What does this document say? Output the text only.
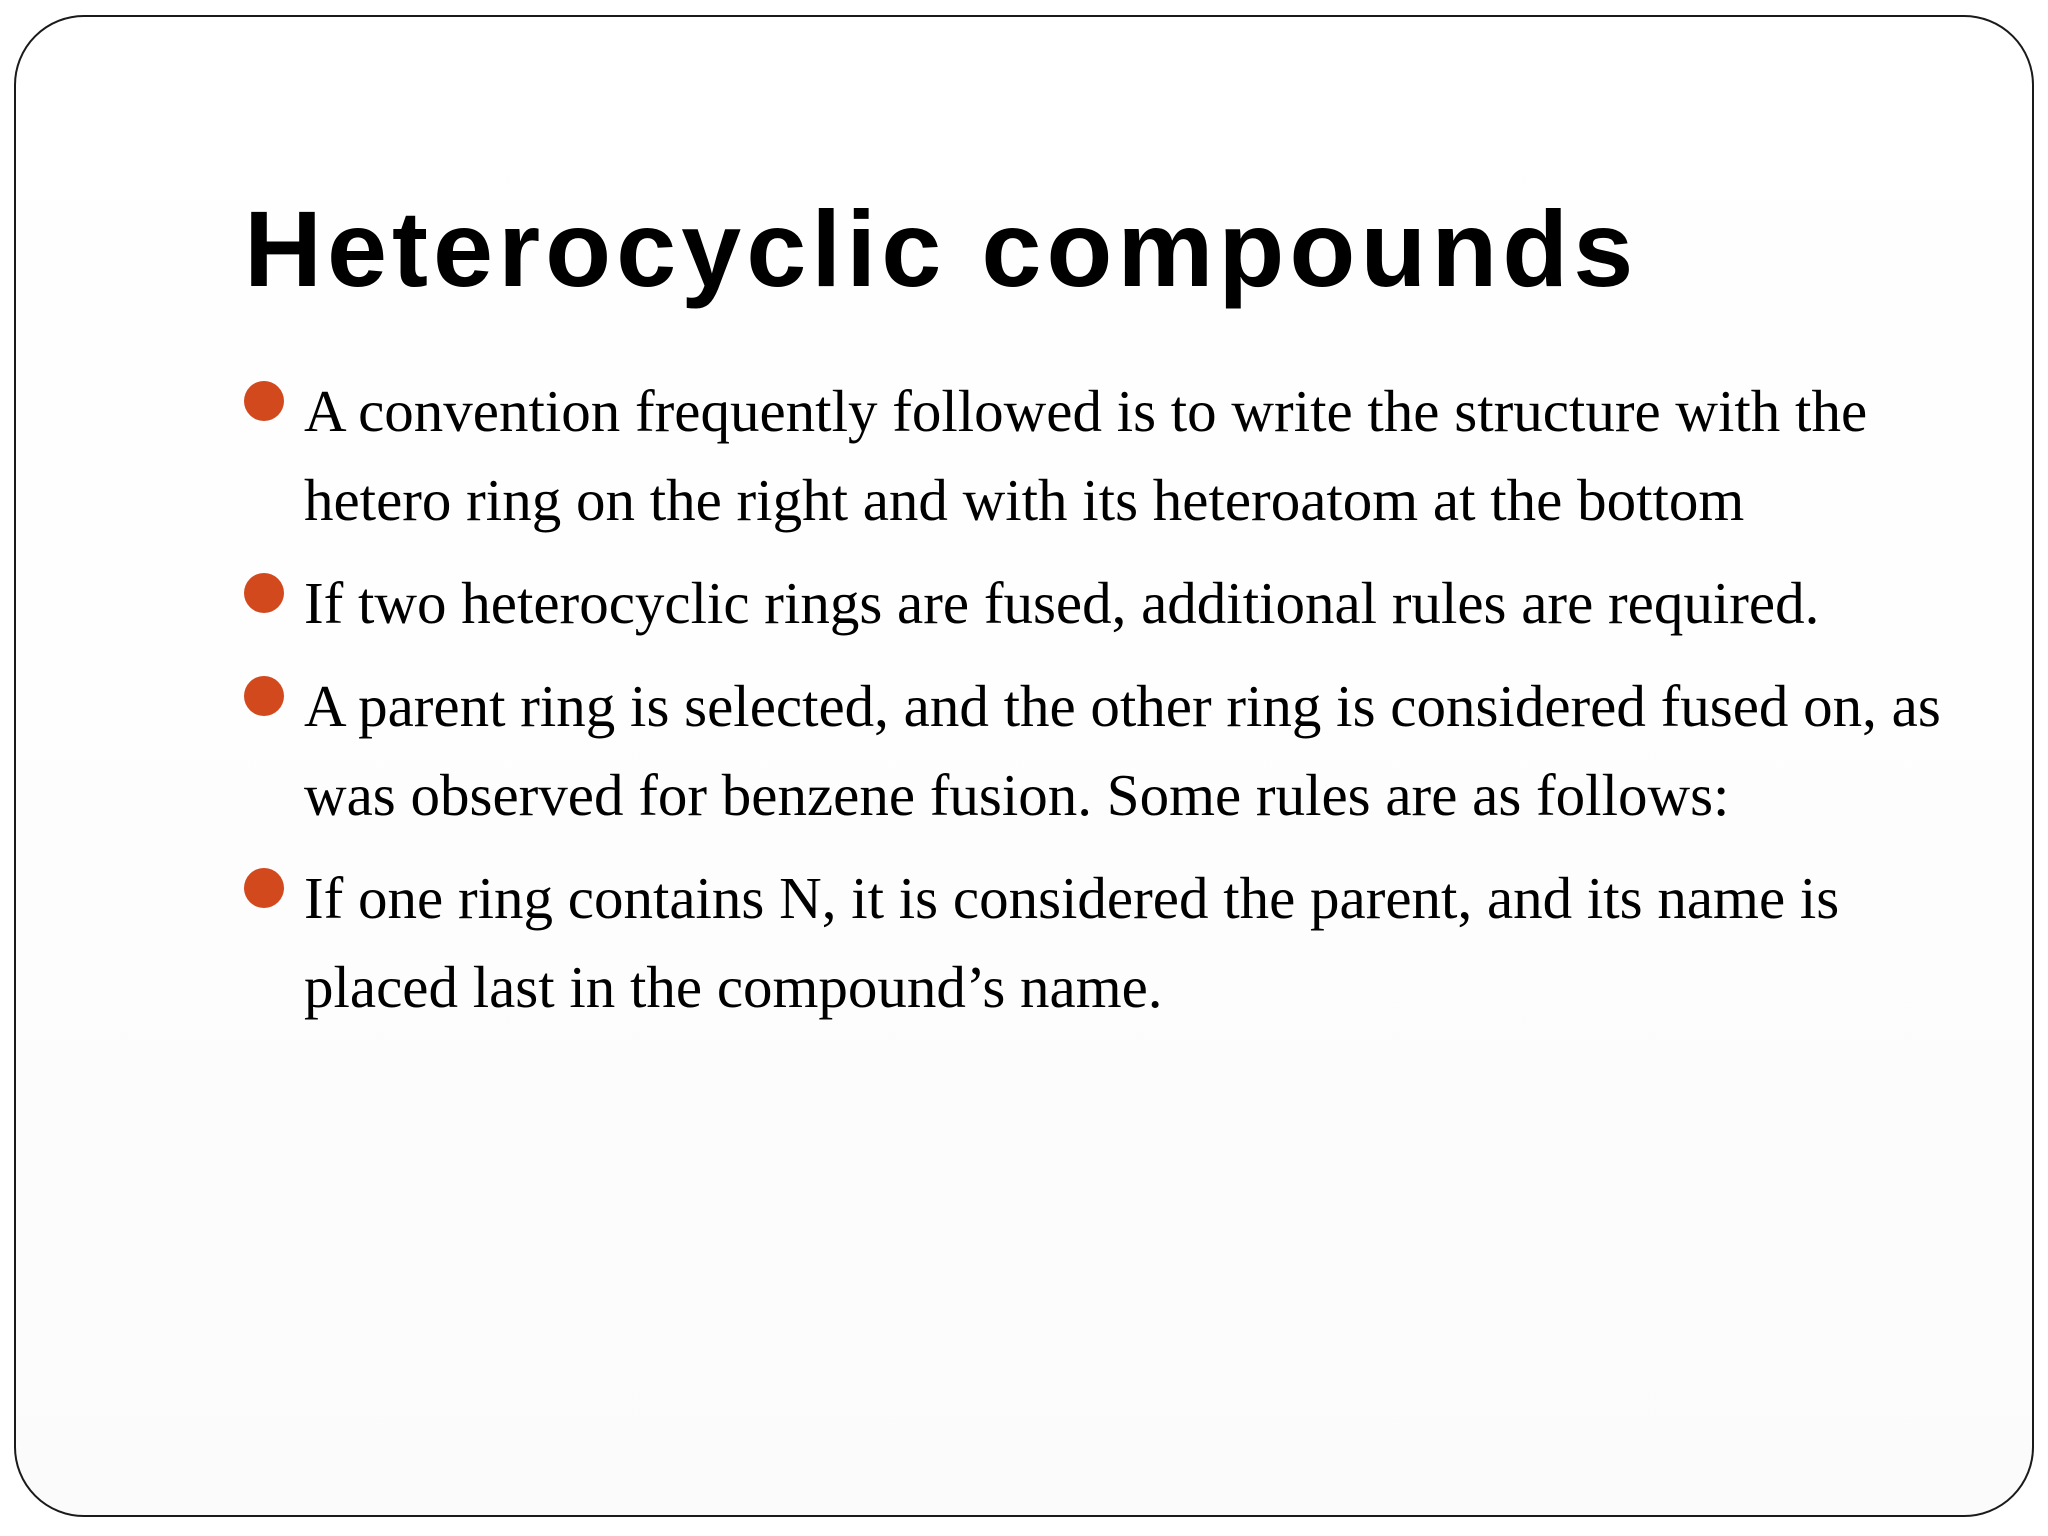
Heterocyclic compounds
A convention frequently followed is to write the structure with the hetero ring on the right and with its heteroatom at the bottom
If two heterocyclic rings are fused, additional rules are required.
A parent ring is selected, and the other ring is considered fused on, as was observed for benzene fusion. Some rules are as follows:
If one ring contains N, it is considered the parent, and its name is placed last in the compound’s name.
